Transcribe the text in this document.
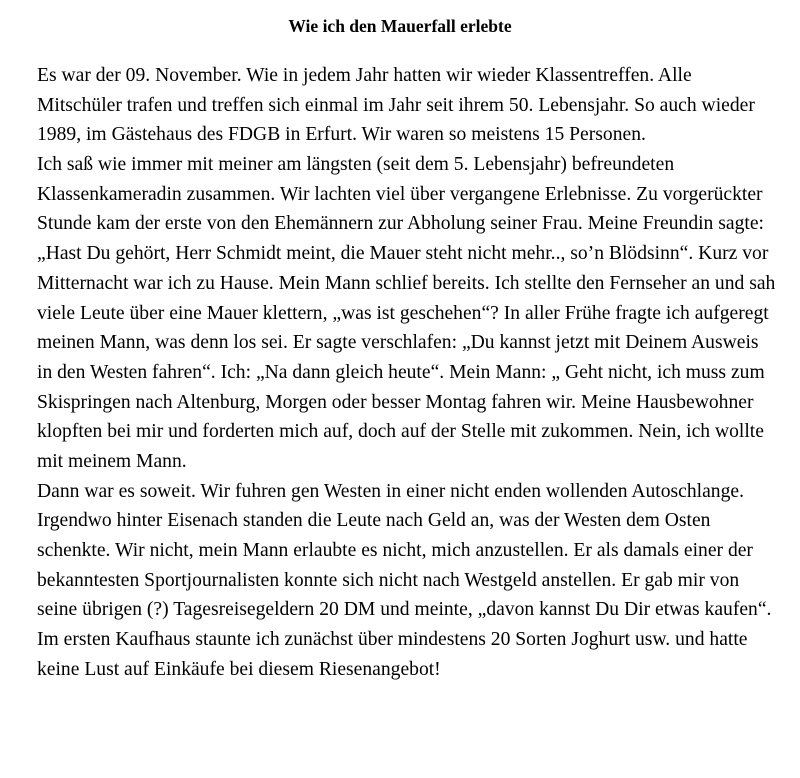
Wie ich den Mauerfall erlebte
Es war der 09. November. Wie in jedem Jahr hatten wir wieder Klassentreffen. Alle
Mitschüler trafen und treffen sich einmal im Jahr seit ihrem 50. Lebensjahr. So auch wieder
1989, im Gästehaus des FDGB in Erfurt. Wir waren so meistens 15 Personen.
Ich saß wie immer mit meiner am längsten (seit dem 5. Lebensjahr) befreundeten
Klassenkameradin zusammen. Wir lachten viel über vergangene Erlebnisse. Zu vorgerückter
Stunde kam der erste von den Ehemännern zur Abholung seiner Frau. Meine Freundin sagte:
„Hast Du gehört, Herr Schmidt meint, die Mauer steht nicht mehr.., so’n Blödsinn“. Kurz vor
Mitternacht war ich zu Hause. Mein Mann schlief bereits. Ich stellte den Fernseher an und sah
viele Leute über eine Mauer klettern, „was ist geschehen“? In aller Frühe fragte ich aufgeregt
meinen Mann, was denn los sei. Er sagte verschlafen: „Du kannst jetzt mit Deinem Ausweis
in den Westen fahren“. Ich: „Na dann gleich heute“. Mein Mann: „ Geht nicht, ich muss zum
Skispringen nach Altenburg, Morgen oder besser Montag fahren wir. Meine Hausbewohner
klopften bei mir und forderten mich auf, doch auf der Stelle mit zukommen. Nein, ich wollte
mit meinem Mann.
Dann war es soweit. Wir fuhren gen Westen in einer nicht enden wollenden Autoschlange.
Irgendwo hinter Eisenach standen die Leute nach Geld an, was der Westen dem Osten
schenkte. Wir nicht, mein Mann erlaubte es nicht, mich anzustellen. Er als damals einer der
bekanntesten Sportjournalisten konnte sich nicht nach Westgeld anstellen. Er gab mir von
seine übrigen (?) Tagesreisegeldern 20 DM und meinte, „davon kannst Du Dir etwas kaufen“.
Im ersten Kaufhaus staunte ich zunächst über mindestens 20 Sorten Joghurt usw. und hatte
keine Lust auf Einkäufe bei diesem Riesenangebot!
